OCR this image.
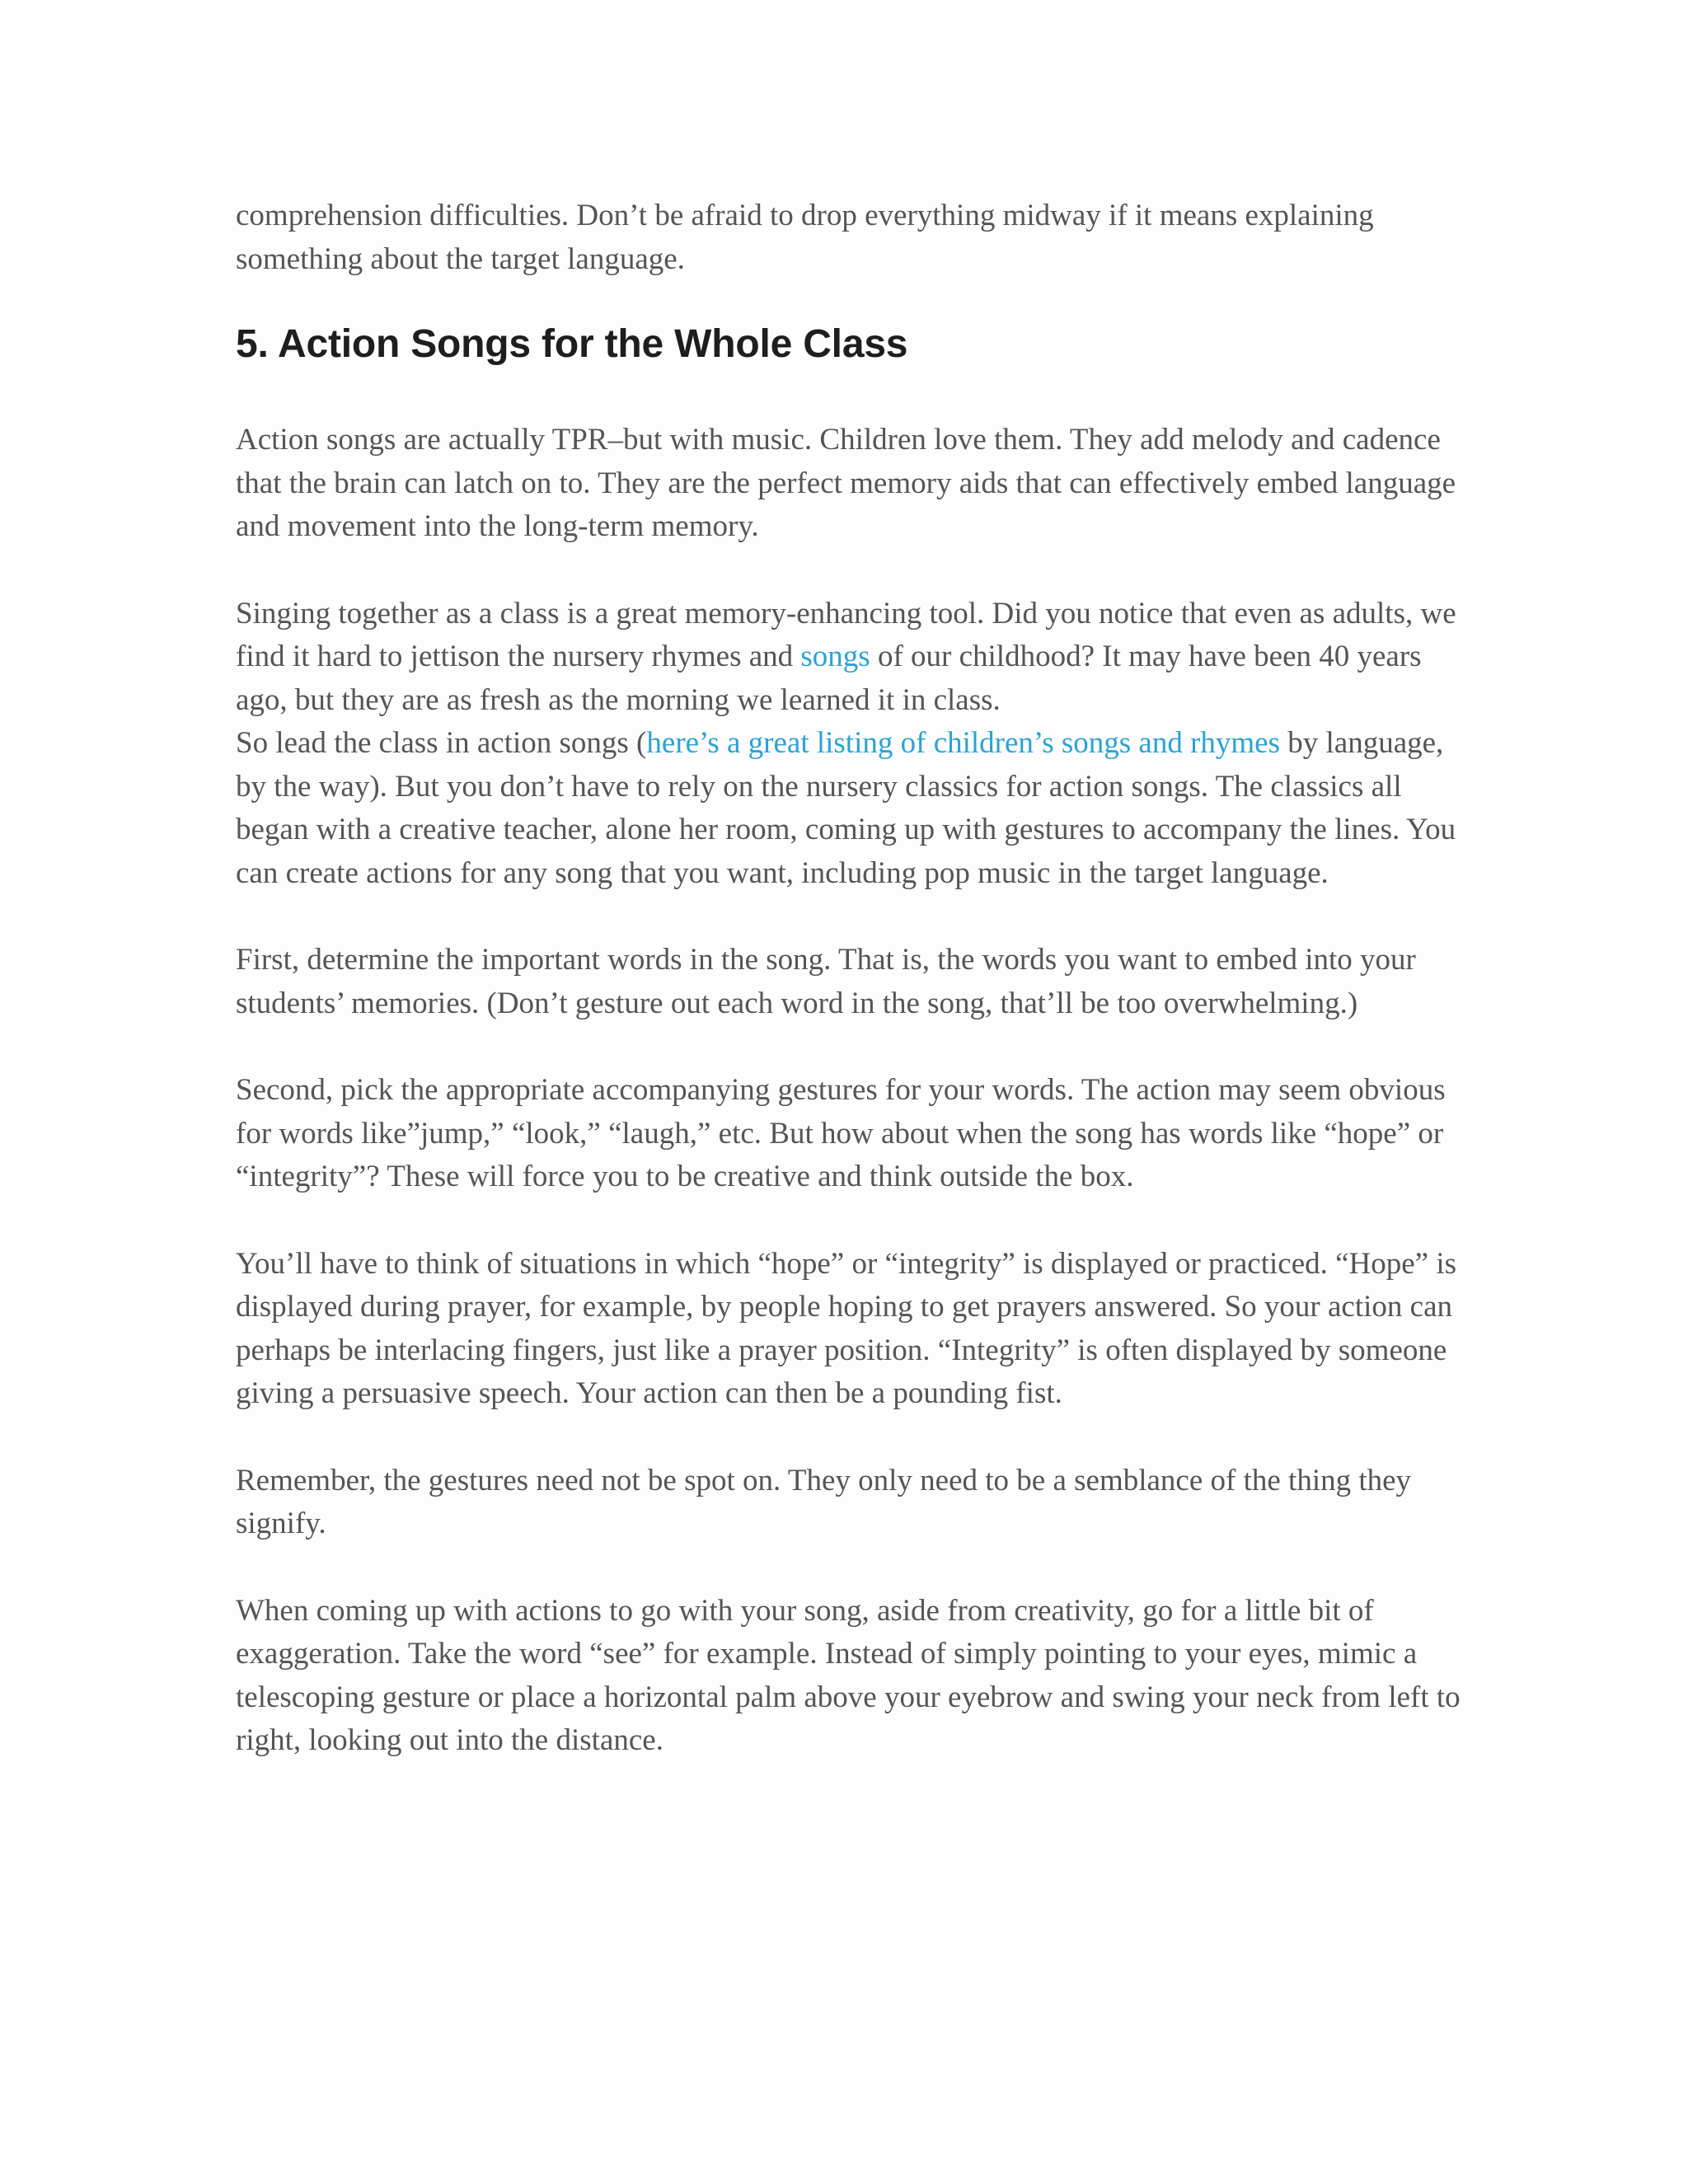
comprehension difficulties. Don’t be afraid to drop everything midway if it means explaining something about the target language.

5. Action Songs for the Whole Class

Action songs are actually TPR–but with music. Children love them. They add melody and cadence that the brain can latch on to. They are the perfect memory aids that can effectively embed language and movement into the long-term memory.

Singing together as a class is a great memory-enhancing tool. Did you notice that even as adults, we find it hard to jettison the nursery rhymes and songs of our childhood? It may have been 40 years ago, but they are as fresh as the morning we learned it in class.

So lead the class in action songs (here’s a great listing of children’s songs and rhymes by language, by the way). But you don’t have to rely on the nursery classics for action songs. The classics all began with a creative teacher, alone her room, coming up with gestures to accompany the lines. You can create actions for any song that you want, including pop music in the target language.

First, determine the important words in the song. That is, the words you want to embed into your students’ memories. (Don’t gesture out each word in the song, that’ll be too overwhelming.)

Second, pick the appropriate accompanying gestures for your words. The action may seem obvious for words like”jump,” “look,” “laugh,” etc. But how about when the song has words like “hope” or “integrity”? These will force you to be creative and think outside the box.

You’ll have to think of situations in which “hope” or “integrity” is displayed or practiced. “Hope” is displayed during prayer, for example, by people hoping to get prayers answered. So your action can perhaps be interlacing fingers, just like a prayer position. “Integrity” is often displayed by someone giving a persuasive speech. Your action can then be a pounding fist.

Remember, the gestures need not be spot on. They only need to be a semblance of the thing they signify.

When coming up with actions to go with your song, aside from creativity, go for a little bit of exaggeration. Take the word “see” for example. Instead of simply pointing to your eyes, mimic a telescoping gesture or place a horizontal palm above your eyebrow and swing your neck from left to right, looking out into the distance.
